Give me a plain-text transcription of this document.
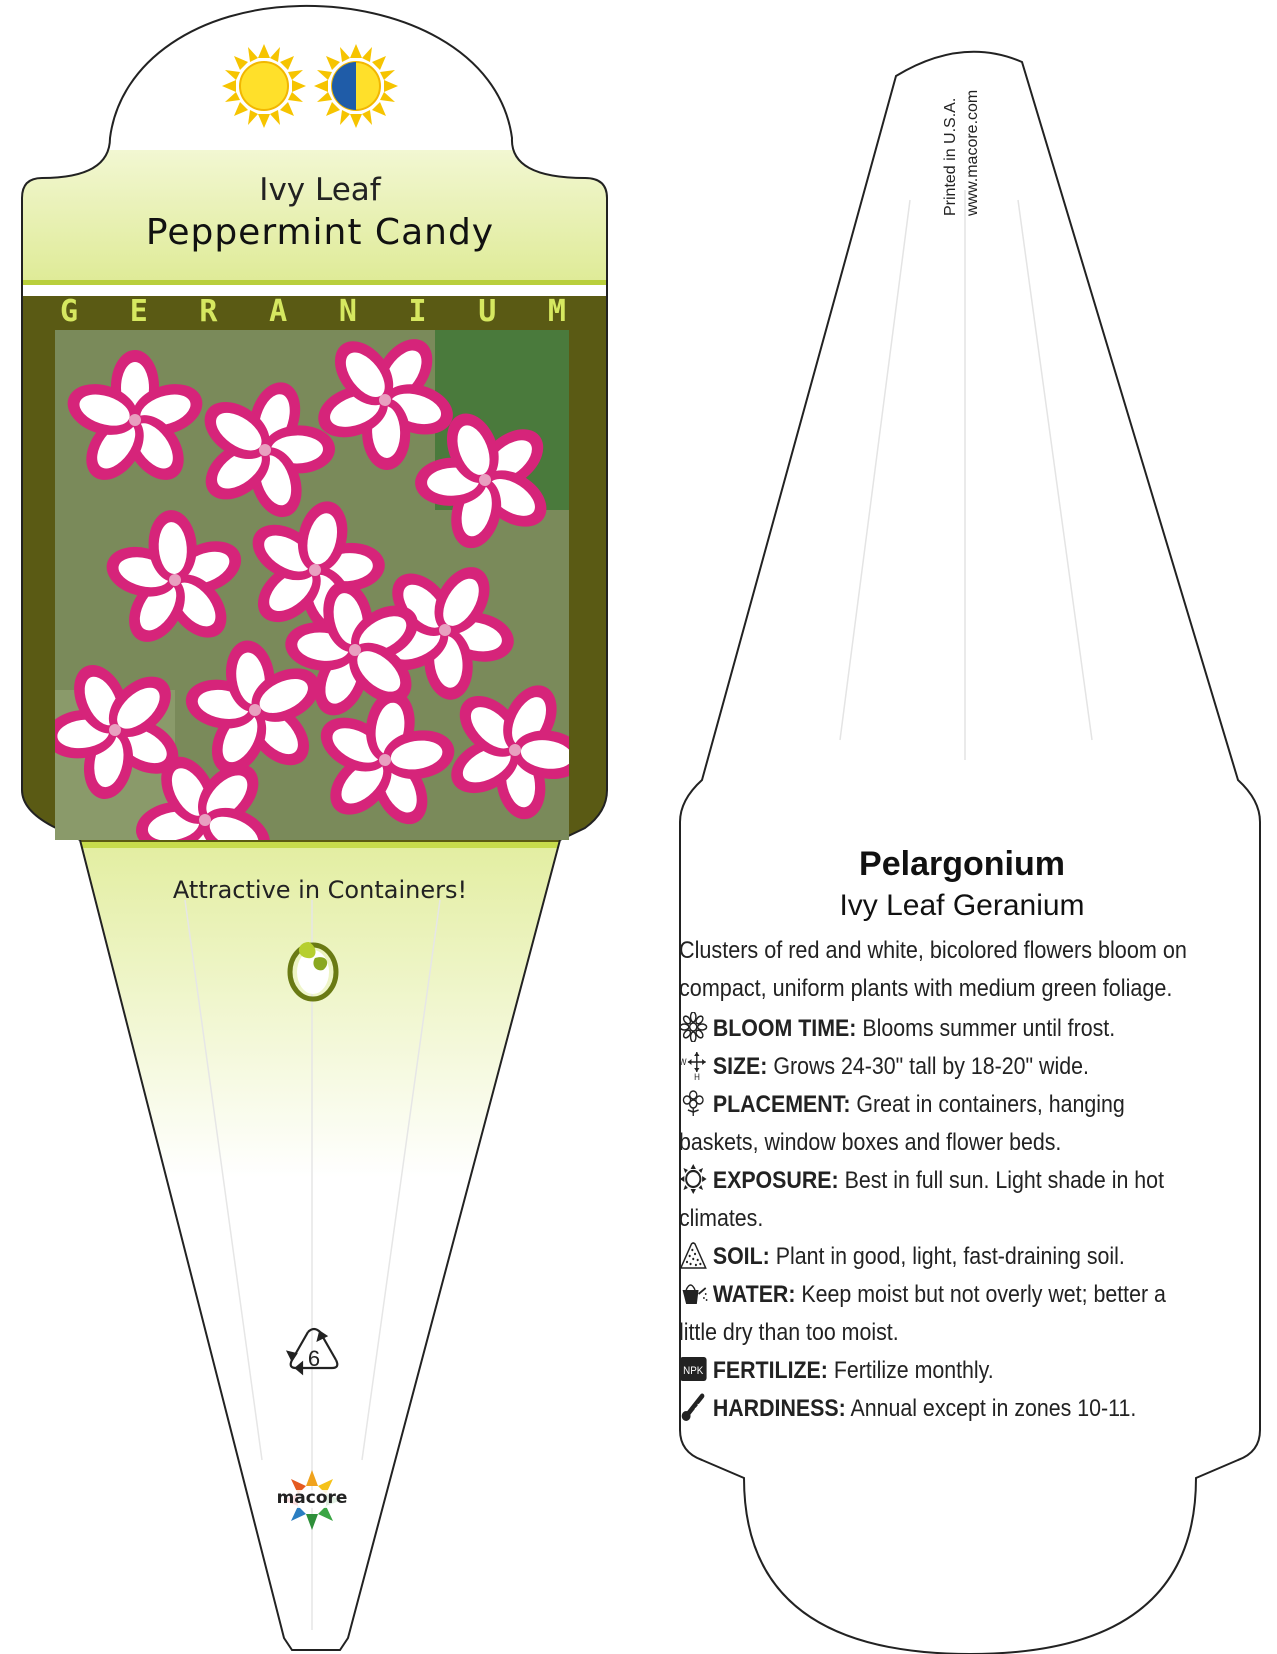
Ivy Leaf
Peppermint Candy
G E R A N I U M
Attractive in Containers!
6
macore
Printed in U.S.A. www.macore.com
Pelargonium
Ivy Leaf Geranium
Clusters of red and white, bicolored flowers bloom on compact, uniform plants with medium green foliage.
BLOOM TIME: Blooms summer until frost.
W
H SIZE: Grows 24-30" tall by 18-20" wide.
PLACEMENT: Great in containers, hanging baskets, window boxes and flower beds.
EXPOSURE: Best in full sun. Light shade in hot climates.
SOIL: Plant in good, light, fast-draining soil.
WATER: Keep moist but not overly wet; better a little dry than too moist.
NPK FERTILIZE: Fertilize monthly.
HARDINESS: Annual except in zones 10-11.
